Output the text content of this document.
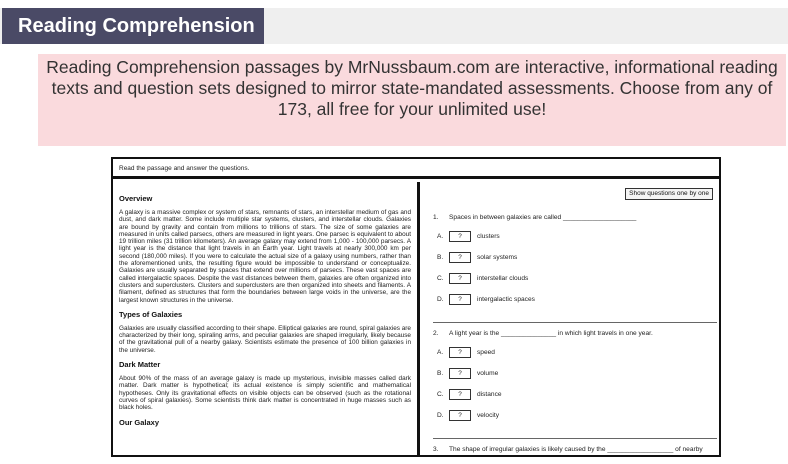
Reading Comprehension
Reading Comprehension passages by MrNussbaum.com are interactive, informational reading texts and question sets designed to mirror state-mandated assessments. Choose from any of 173, all free for your unlimited use!
Read the passage and answer the questions.
Overview
A galaxy is a massive complex or system of stars, remnants of stars, an interstellar medium of gas and dust, and dark matter. Some include multiple star systems, clusters, and interstellar clouds. Galaxies are bound by gravity and contain from millions to trillions of stars. The size of some galaxies are measured in units called parsecs, others are measured in light years. One parsec is equivalent to about 19 trillion miles (31 trillion kilometers). An average galaxy may extend from 1,000 - 100,000 parsecs. A light year is the distance that light travels in an Earth year. Light travels at nearly 300,000 km per second (180,000 miles). If you were to calculate the actual size of a galaxy using numbers, rather than the aforementioned units, the resulting figure would be impossible to understand or conceptualize. Galaxies are usually separated by spaces that extend over millions of parsecs. These vast spaces are called intergalactic spaces. Despite the vast distances between them, galaxies are often organized into clusters and superclusters. Clusters and superclusters are then organized into sheets and filaments. A filament, defined as structures that form the boundaries between large voids in the universe, are the largest known structures in the universe.
Types of Galaxies
Galaxies are usually classified according to their shape. Elliptical galaxies are round, spiral galaxies are characterized by their long, spiraling arms, and peculiar galaxies are shaped irregularly, likely because of the gravitational pull of a nearby galaxy. Scientists estimate the presence of 100 billion galaxies in the universe.
Dark Matter
About 90% of the mass of an average galaxy is made up mysterious, invisible masses called dark matter. Dark matter is hypothetical; its actual existence is simply scientific and mathematical hypotheses. Only its gravitational effects on visible objects can be observed (such as the rotational curves of spiral galaxies). Some scientists think dark matter is concentrated in huge masses such as black holes.
Our Galaxy
Show questions one by one
1.	Spaces in between galaxies are called ____________________
A.	?	clusters
B.	?	solar systems
C.	?	interstellar clouds
D.	?	intergalactic spaces
2.	A light year is the _______________ in which light travels in one year.
A.	?	speed
B.	?	volume
C.	?	distance
D.	?	velocity
3.	The shape of irregular galaxies is likely caused by the __________________ of nearby
